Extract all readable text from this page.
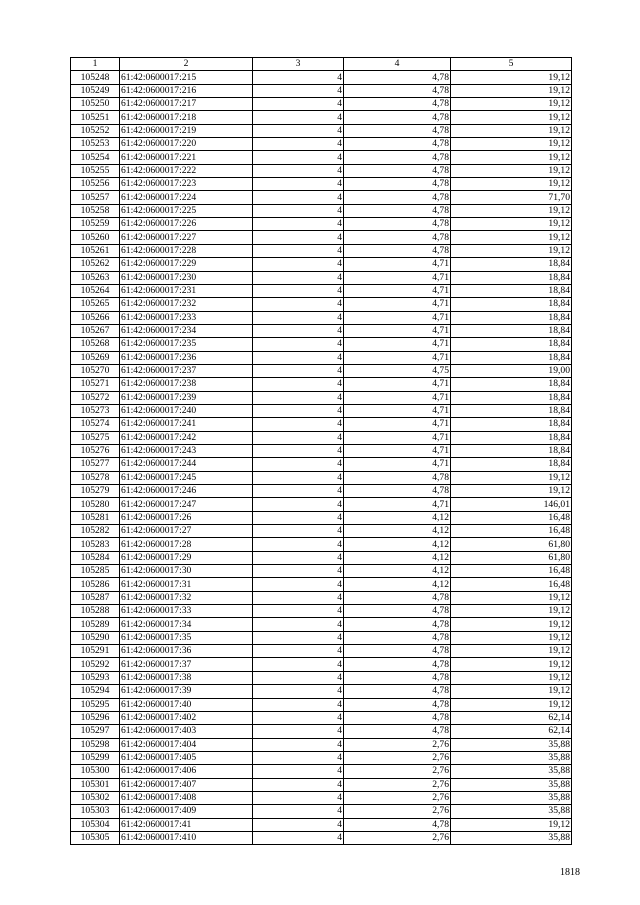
1	2	3	4	5
105248	61:42:0600017:215	4	4,78	19,12
105249	61:42:0600017:216	4	4,78	19,12
105250	61:42:0600017:217	4	4,78	19,12
105251	61:42:0600017:218	4	4,78	19,12
105252	61:42:0600017:219	4	4,78	19,12
105253	61:42:0600017:220	4	4,78	19,12
105254	61:42:0600017:221	4	4,78	19,12
105255	61:42:0600017:222	4	4,78	19,12
105256	61:42:0600017:223	4	4,78	19,12
105257	61:42:0600017:224	4	4,78	71,70
105258	61:42:0600017:225	4	4,78	19,12
105259	61:42:0600017:226	4	4,78	19,12
105260	61:42:0600017:227	4	4,78	19,12
105261	61:42:0600017:228	4	4,78	19,12
105262	61:42:0600017:229	4	4,71	18,84
105263	61:42:0600017:230	4	4,71	18,84
105264	61:42:0600017:231	4	4,71	18,84
105265	61:42:0600017:232	4	4,71	18,84
105266	61:42:0600017:233	4	4,71	18,84
105267	61:42:0600017:234	4	4,71	18,84
105268	61:42:0600017:235	4	4,71	18,84
105269	61:42:0600017:236	4	4,71	18,84
105270	61:42:0600017:237	4	4,75	19,00
105271	61:42:0600017:238	4	4,71	18,84
105272	61:42:0600017:239	4	4,71	18,84
105273	61:42:0600017:240	4	4,71	18,84
105274	61:42:0600017:241	4	4,71	18,84
105275	61:42:0600017:242	4	4,71	18,84
105276	61:42:0600017:243	4	4,71	18,84
105277	61:42:0600017:244	4	4,71	18,84
105278	61:42:0600017:245	4	4,78	19,12
105279	61:42:0600017:246	4	4,78	19,12
105280	61:42:0600017:247	4	4,71	146,01
105281	61:42:0600017:26	4	4,12	16,48
105282	61:42:0600017:27	4	4,12	16,48
105283	61:42:0600017:28	4	4,12	61,80
105284	61:42:0600017:29	4	4,12	61,80
105285	61:42:0600017:30	4	4,12	16,48
105286	61:42:0600017:31	4	4,12	16,48
105287	61:42:0600017:32	4	4,78	19,12
105288	61:42:0600017:33	4	4,78	19,12
105289	61:42:0600017:34	4	4,78	19,12
105290	61:42:0600017:35	4	4,78	19,12
105291	61:42:0600017:36	4	4,78	19,12
105292	61:42:0600017:37	4	4,78	19,12
105293	61:42:0600017:38	4	4,78	19,12
105294	61:42:0600017:39	4	4,78	19,12
105295	61:42:0600017:40	4	4,78	19,12
105296	61:42:0600017:402	4	4,78	62,14
105297	61:42:0600017:403	4	4,78	62,14
105298	61:42:0600017:404	4	2,76	35,88
105299	61:42:0600017:405	4	2,76	35,88
105300	61:42:0600017:406	4	2,76	35,88
105301	61:42:0600017:407	4	2,76	35,88
105302	61:42:0600017:408	4	2,76	35,88
105303	61:42:0600017:409	4	2,76	35,88
105304	61:42:0600017:41	4	4,78	19,12
105305	61:42:0600017:410	4	2,76	35,88
1818
